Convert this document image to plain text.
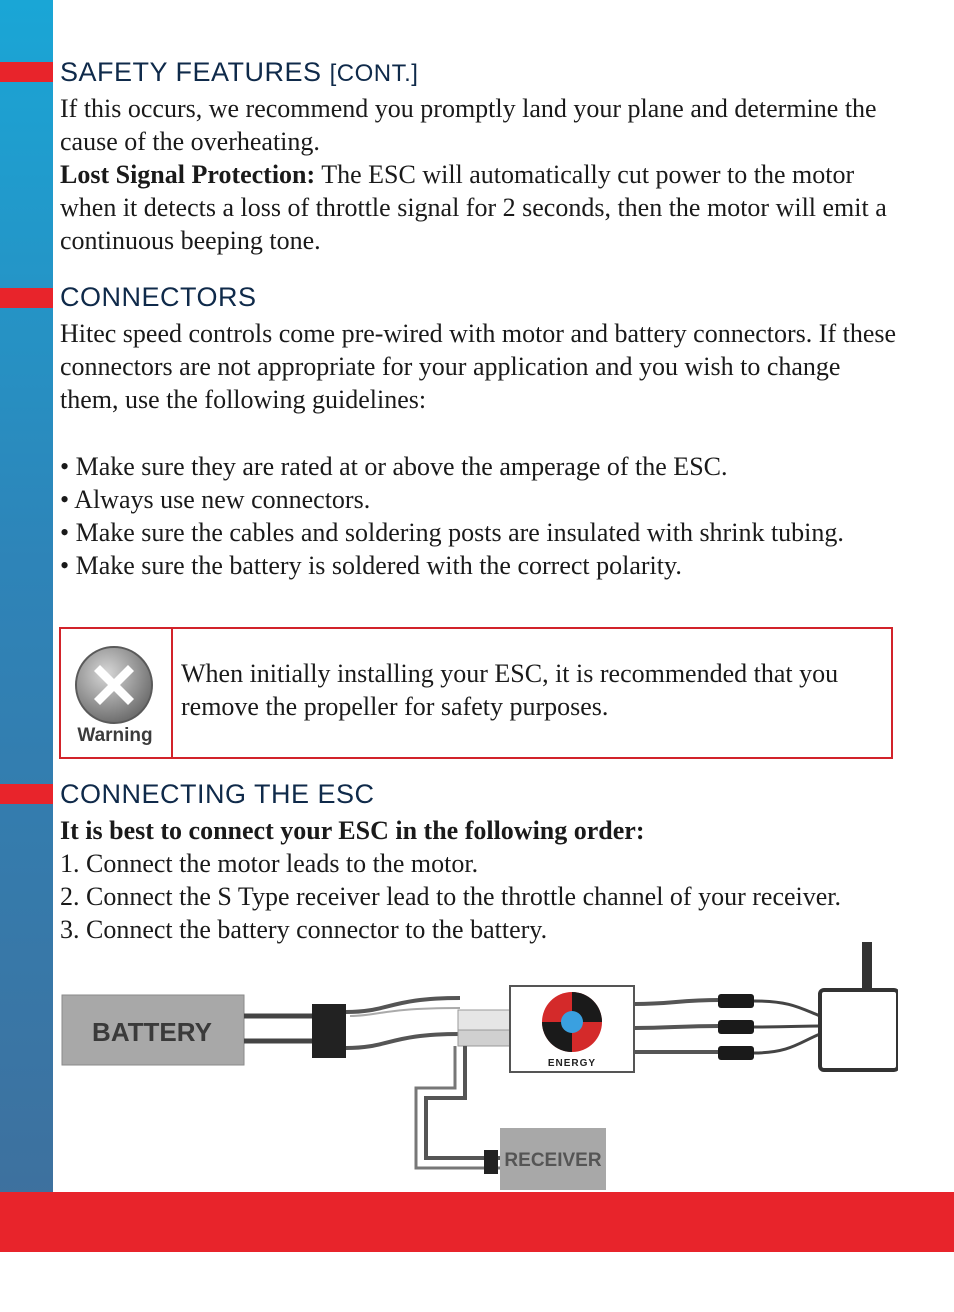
SAFETY FEATURES [CONT.]

If this occurs, we recommend you promptly land your plane and determine the cause of the overheating.
Lost Signal Protection: The ESC will automatically cut power to the motor when it detects a loss of throttle signal for 2 seconds, then the motor will emit a continuous beeping tone.

CONNECTORS

Hitec speed controls come pre-wired with motor and battery connectors. If these connectors are not appropriate for your application and you wish to change them, use the following guidelines:

• Make sure they are rated at or above the amperage of the ESC.
• Always use new connectors.
• Make sure the cables and soldering posts are insulated with shrink tubing.
• Make sure the battery is soldered with the correct polarity.
Warning

When initially installing your ESC, it is recommended that you remove the propeller for safety purposes.

CONNECTING THE ESC

It is best to connect your ESC in the following order:

1. Connect the motor leads to the motor.
2. Connect the S Type receiver lead to the throttle channel of your receiver.
3. Connect the battery connector to the battery.
BATTERY
RECEIVER
ENERGY
